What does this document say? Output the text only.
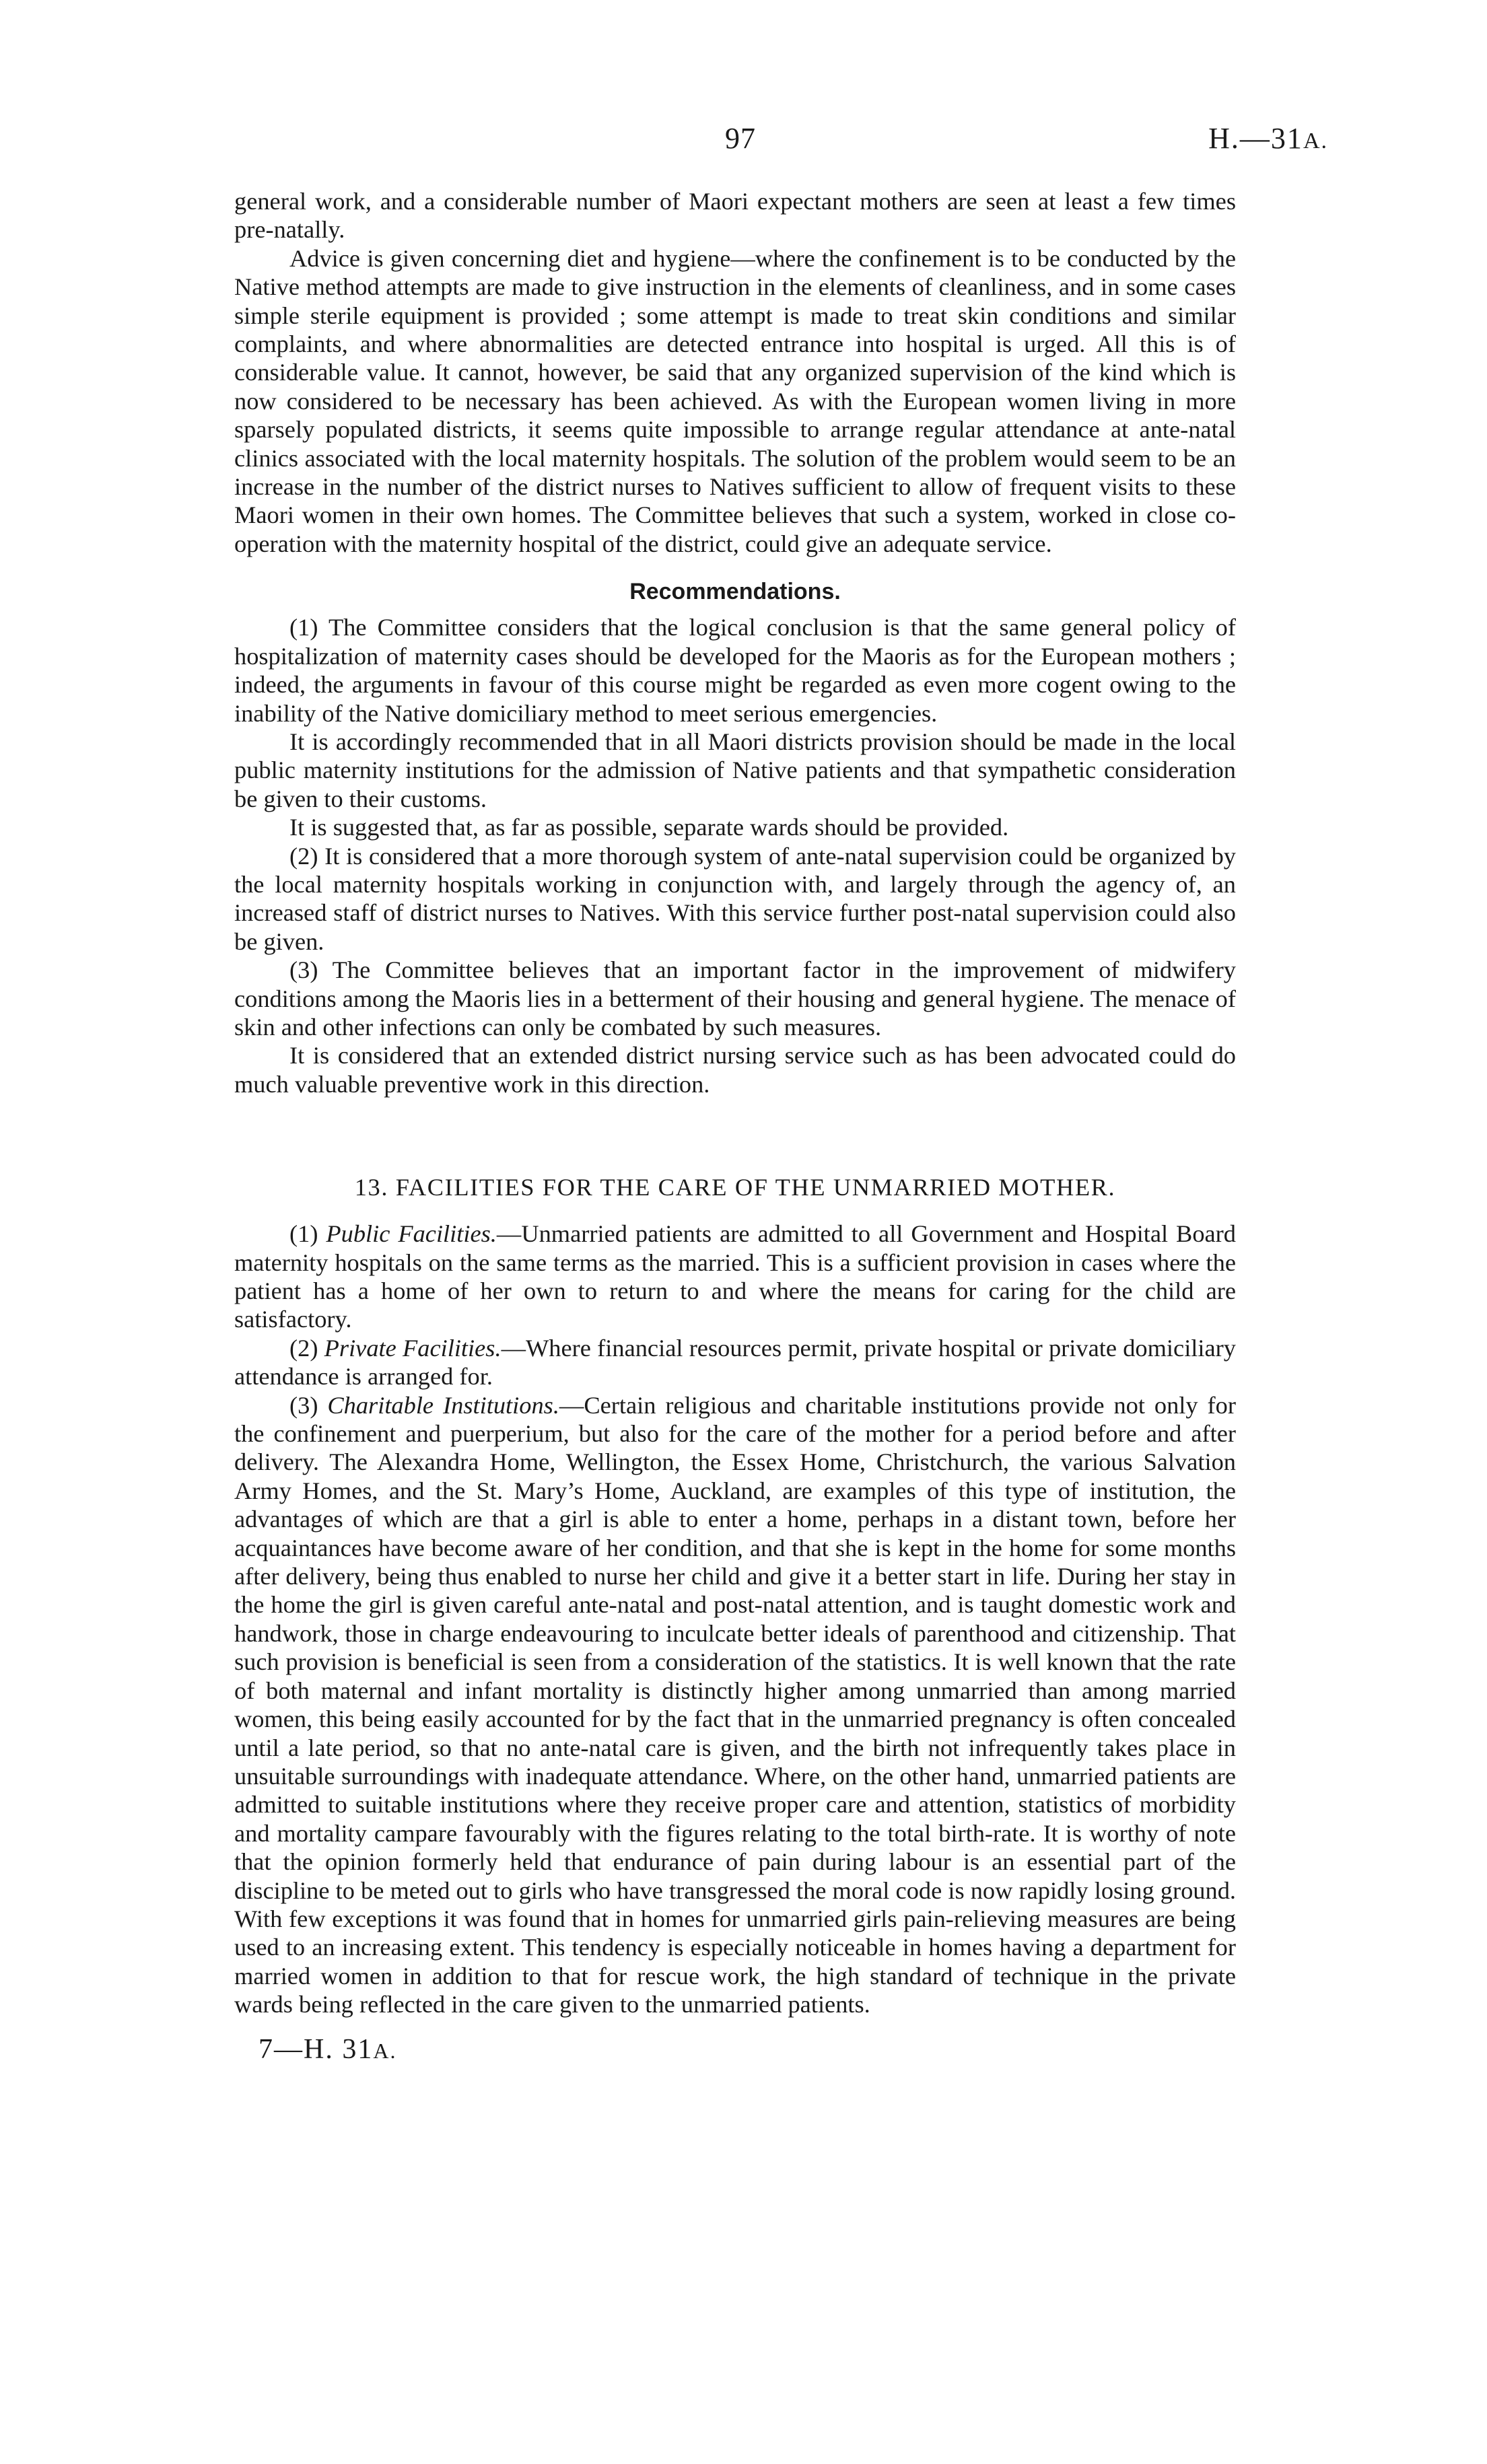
97	H.—31A.

general work, and a considerable number of Maori expectant mothers are seen at least a few times pre-natally.

Advice is given concerning diet and hygiene—where the confinement is to be conducted by the Native method attempts are made to give instruction in the elements of cleanliness, and in some cases simple sterile equipment is provided ; some attempt is made to treat skin conditions and similar complaints, and where abnormalities are detected entrance into hospital is urged. All this is of considerable value. It cannot, however, be said that any organized supervision of the kind which is now considered to be necessary has been achieved. As with the European women living in more sparsely populated districts, it seems quite impossible to arrange regular attendance at ante-natal clinics associated with the local maternity hospitals. The solution of the problem would seem to be an increase in the number of the district nurses to Natives sufficient to allow of frequent visits to these Maori women in their own homes. The Committee believes that such a system, worked in close co-operation with the maternity hospital of the district, could give an adequate service.

Recommendations.

(1) The Committee considers that the logical conclusion is that the same general policy of hospitalization of maternity cases should be developed for the Maoris as for the European mothers ; indeed, the arguments in favour of this course might be regarded as even more cogent owing to the inability of the Native domiciliary method to meet serious emergencies.

It is accordingly recommended that in all Maori districts provision should be made in the local public maternity institutions for the admission of Native patients and that sympathetic consideration be given to their customs.

It is suggested that, as far as possible, separate wards should be provided.

(2) It is considered that a more thorough system of ante-natal supervision could be organized by the local maternity hospitals working in conjunction with, and largely through the agency of, an increased staff of district nurses to Natives. With this service further post-natal supervision could also be given.

(3) The Committee believes that an important factor in the improvement of midwifery conditions among the Maoris lies in a betterment of their housing and general hygiene. The menace of skin and other infections can only be combated by such measures.

It is considered that an extended district nursing service such as has been advocated could do much valuable preventive work in this direction.

13. FACILITIES FOR THE CARE OF THE UNMARRIED MOTHER.

(1) Public Facilities.—Unmarried patients are admitted to all Government and Hospital Board maternity hospitals on the same terms as the married. This is a sufficient provision in cases where the patient has a home of her own to return to and where the means for caring for the child are satisfactory.

(2) Private Facilities.—Where financial resources permit, private hospital or private domiciliary attendance is arranged for.

(3) Charitable Institutions.—Certain religious and charitable institutions provide not only for the confinement and puerperium, but also for the care of the mother for a period before and after delivery. The Alexandra Home, Wellington, the Essex Home, Christchurch, the various Salvation Army Homes, and the St. Mary’s Home, Auckland, are examples of this type of institution, the advantages of which are that a girl is able to enter a home, perhaps in a distant town, before her acquaintances have become aware of her condition, and that she is kept in the home for some months after delivery, being thus enabled to nurse her child and give it a better start in life. During her stay in the home the girl is given careful ante-natal and post-natal attention, and is taught domestic work and handwork, those in charge endeavouring to inculcate better ideals of parenthood and citizenship. That such provision is beneficial is seen from a consideration of the statistics. It is well known that the rate of both maternal and infant mortality is distinctly higher among unmarried than among married women, this being easily accounted for by the fact that in the unmarried pregnancy is often concealed until a late period, so that no ante-natal care is given, and the birth not infrequently takes place in unsuitable surroundings with inadequate attendance. Where, on the other hand, unmarried patients are admitted to suitable institutions where they receive proper care and attention, statistics of morbidity and mortality campare favourably with the figures relating to the total birth-rate. It is worthy of note that the opinion formerly held that endurance of pain during labour is an essential part of the discipline to be meted out to girls who have transgressed the moral code is now rapidly losing ground. With few exceptions it was found that in homes for unmarried girls pain-relieving measures are being used to an increasing extent. This tendency is especially noticeable in homes having a department for married women in addition to that for rescue work, the high standard of technique in the private wards being reflected in the care given to the unmarried patients.

7—H. 31A.
